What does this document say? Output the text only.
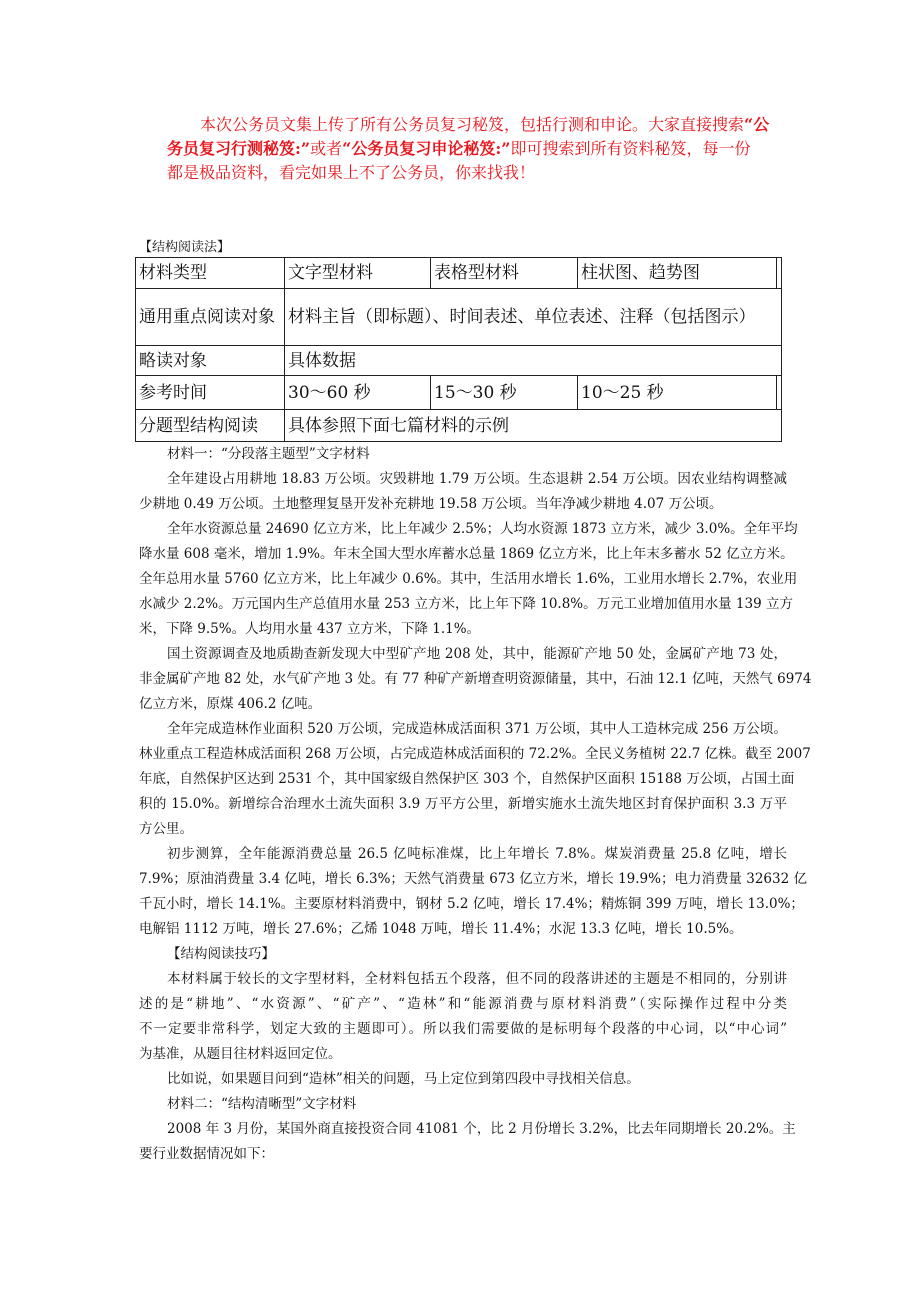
本次公务员文集上传了所有公务员复习秘笈，包括行测和申论。大家直接搜索“公
务员复习行测秘笈:”或者“公务员复习申论秘笈:”即可搜索到所有资料秘笈，每一份
都是极品资料，看完如果上不了公务员，你来找我！
【结构阅读法】
材料类型	文字型材料	表格型材料	柱状图、趋势图	
通用重点阅读对象	材料主旨（即标题）、时间表述、单位表述、注释（包括图示）			
略读对象	具体数据			
参考时间	30～60 秒	15～30 秒	10～25 秒	
分题型结构阅读	具体参照下面七篇材料的示例			
材料一：“分段落主题型”文字材料
全年建设占用耕地 18.83 万公顷。灾毁耕地 1.79 万公顷。生态退耕 2.54 万公顷。因农业结构调整减
少耕地 0.49 万公顷。土地整理复垦开发补充耕地 19.58 万公顷。当年净减少耕地 4.07 万公顷。
全年水资源总量 24690 亿立方米，比上年减少 2.5%；人均水资源 1873 立方米，减少 3.0%。全年平均
降水量 608 毫米，增加 1.9%。年末全国大型水库蓄水总量 1869 亿立方米，比上年末多蓄水 52 亿立方米。
全年总用水量 5760 亿立方米，比上年减少 0.6%。其中，生活用水增长 1.6%，工业用水增长 2.7%，农业用
水减少 2.2%。万元国内生产总值用水量 253 立方米，比上年下降 10.8%。万元工业增加值用水量 139 立方
米，下降 9.5%。人均用水量 437 立方米，下降 1.1%。
国土资源调查及地质勘查新发现大中型矿产地 208 处，其中，能源矿产地 50 处，金属矿产地 73 处，
非金属矿产地 82 处，水气矿产地 3 处。有 77 种矿产新增查明资源储量，其中，石油 12.1 亿吨，天然气 6974
亿立方米，原煤 406.2 亿吨。
全年完成造林作业面积 520 万公顷，完成造林成活面积 371 万公顷，其中人工造林完成 256 万公顷。
林业重点工程造林成活面积 268 万公顷，占完成造林成活面积的 72.2%。全民义务植树 22.7 亿株。截至 2007
年底，自然保护区达到 2531 个，其中国家级自然保护区 303 个，自然保护区面积 15188 万公顷，占国土面
积的 15.0%。新增综合治理水土流失面积 3.9 万平方公里，新增实施水土流失地区封育保护面积 3.3 万平
方公里。
初步测算，全年能源消费总量 26.5 亿吨标准煤，比上年增长 7.8%。煤炭消费量 25.8 亿吨，增长
7.9%；原油消费量 3.4 亿吨，增长 6.3%；天然气消费量 673 亿立方米，增长 19.9%；电力消费量 32632 亿
千瓦小时，增长 14.1%。主要原材料消费中，钢材 5.2 亿吨，增长 17.4%；精炼铜 399 万吨，增长 13.0%；
电解铝 1112 万吨，增长 27.6%；乙烯 1048 万吨，增长 11.4%；水泥 13.3 亿吨，增长 10.5%。
【结构阅读技巧】
本材料属于较长的文字型材料，全材料包括五个段落，但不同的段落讲述的主题是不相同的，分别讲
述的是“耕地”、“水资源”、“矿产”、“造林”和“能源消费与原材料消费”（实际操作过程中分类
不一定要非常科学，划定大致的主题即可）。所以我们需要做的是标明每个段落的中心词，以“中心词”
为基准，从题目往材料返回定位。
比如说，如果题目问到“造林”相关的问题，马上定位到第四段中寻找相关信息。
材料二：“结构清晰型”文字材料
2008 年 3 月份，某国外商直接投资合同 41081 个，比 2 月份增长 3.2%，比去年同期增长 20.2%。主
要行业数据情况如下：
